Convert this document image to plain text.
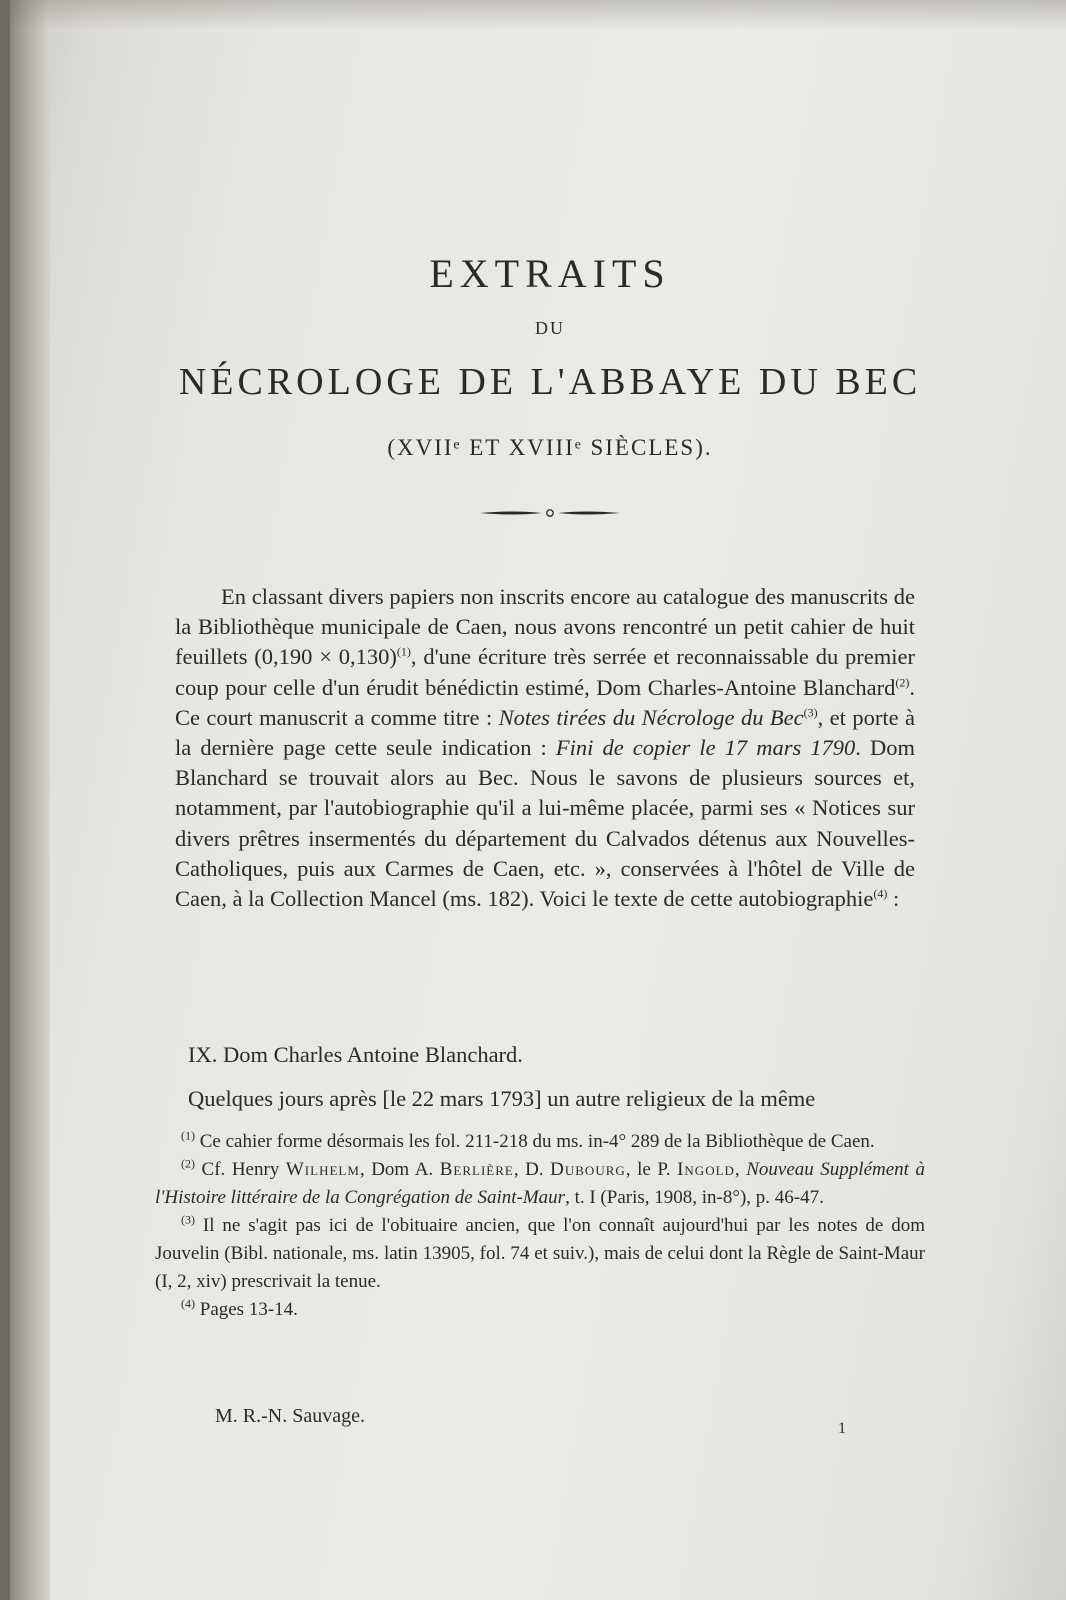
EXTRAITS
DU
NÉCROLOGE DE L'ABBAYE DU BEC
(XVIIᵉ ET XVIIIᵉ SIÈCLES).

En classant divers papiers non inscrits encore au catalogue des manuscrits de la Bibliothèque municipale de Caen, nous avons rencontré un petit cahier de huit feuillets $(0,190 \times 0,130)^{(1)}$, d'une écriture très serrée et reconnaissable du premier coup pour celle d'un érudit bénédictin estimé, Dom Charles-Antoine Blanchard$^{(2)}$. Ce court manuscrit a comme titre : Notes tirées du Nécrologe du Bec$^{(3)}$, et porte à la dernière page cette seule indication : Fini de copier le 17 mars 1790. Dom Blanchard se trouvait alors au Bec. Nous le savons de plusieurs sources et, notamment, par l'autobiographie qu'il a lui-même placée, parmi ses « Notices sur divers prêtres insermentés du département du Calvados détenus aux Nouvelles-Catholiques, puis aux Carmes de Caen, etc. », conservées à l'hôtel de Ville de Caen, à la Collection Mancel (ms. 182). Voici le texte de cette autobiographie$^{(4)}$ :

IX. Dom Charles Antoine Blanchard.
Quelques jours après [le 22 mars 1793] un autre religieux de la même

$^{(1)}$ Ce cahier forme désormais les fol. 211-218 du ms. in-4° 289 de la Bibliothèque de Caen.

$^{(2)}$ Cf. Henry Wilhelm, Dom A. Berlière, D. Dubourg, le P. Ingold, Nouveau Supplément à l'Histoire littéraire de la Congrégation de Saint-Maur, t. I (Paris, 1908, in-8°), p. 46-47.

$^{(3)}$ Il ne s'agit pas ici de l'obituaire ancien, que l'on connaît aujourd'hui par les notes de dom Jouvelin (Bibl. nationale, ms. latin 13905, fol. 74 et suiv.), mais de celui dont la Règle de Saint-Maur (I, 2, xiv) prescrivait la tenue.

$^{(4)}$ Pages 13-14.

M. R.-N. Sauvage.
1
